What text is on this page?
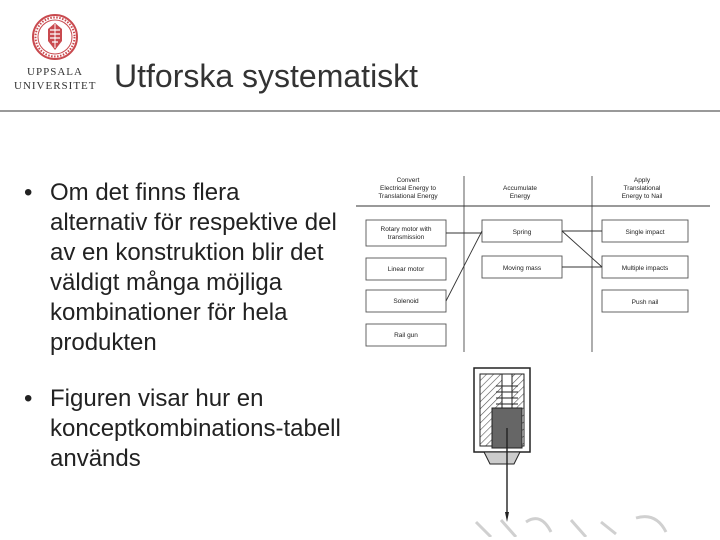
UPPSALA
UNIVERSITET Utforska systematiskt
• Om det finns flera alternativ för respektive del av en konstruktion blir det väldigt många möjliga kombinationer för hela produkten
• Figuren visar hur en konceptkombinations-tabell används
Convert
Electrical Energy to
Translational Energy
Accumulate
Energy
Apply
Translational
Energy to Nail
Rotary motor with
transmission
Linear motor
Solenoid
Rail gun
Spring
Moving mass
Single impact
Multiple impacts
Push nail
